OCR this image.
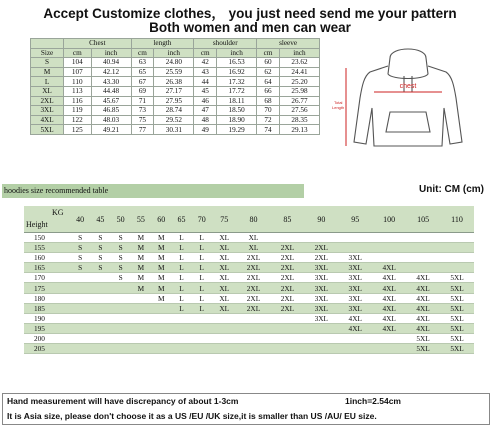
Accept Customize clothes， you just need send me your pattern
Both women and men can wear
	Chest		length		shoulder		sleeve	
Size	cm	inch	cm	inch	cm	inch	cm	inch
S	104	40.94	63	24.80	42	16.53	60	23.62
M	107	42.12	65	25.59	43	16.92	62	24.41
L	110	43.30	67	26.38	44	17.32	64	25.20
XL	113	44.48	69	27.17	45	17.72	66	25.98
2XL	116	45.67	71	27.95	46	18.11	68	26.77
3XL	119	46.85	73	28.74	47	18.50	70	27.56
4XL	122	48.03	75	29.52	48	18.90	72	28.35
5XL	125	49.21	77	30.31	49	19.29	74	29.13
chest
Total
Length
hoodies size recommended table	Unit: CM (cm)
KG
Height	40	45	50	55	60	65	70	75	80	85	90	95	100	105	110
150	S	S	S	M	M	L	L	XL	XL						
155	S	S	S	M	M	L	L	XL	XL	2XL	2XL				
160	S	S	S	M	M	L	L	XL	2XL	2XL	2XL	3XL			
165	S	S	S	M	M	L	L	XL	2XL	2XL	3XL	3XL	4XL		
170			S	M	M	L	L	XL	2XL	2XL	3XL	3XL	4XL	4XL	5XL
175				M	M	L	L	XL	2XL	2XL	3XL	3XL	4XL	4XL	5XL
180					M	L	L	XL	2XL	2XL	3XL	3XL	4XL	4XL	5XL
185						L	L	XL	2XL	2XL	3XL	3XL	4XL	4XL	5XL
190											3XL	4XL	4XL	4XL	5XL
195												4XL	4XL	4XL	5XL
200														5XL	5XL
205														5XL	5XL
Hand measurement will have discrepancy of about 1-3cm	1inch=2.54cm
It is Asia size, please don't choose it as a US /EU /UK size,it is smaller than US /AU/ EU size.
